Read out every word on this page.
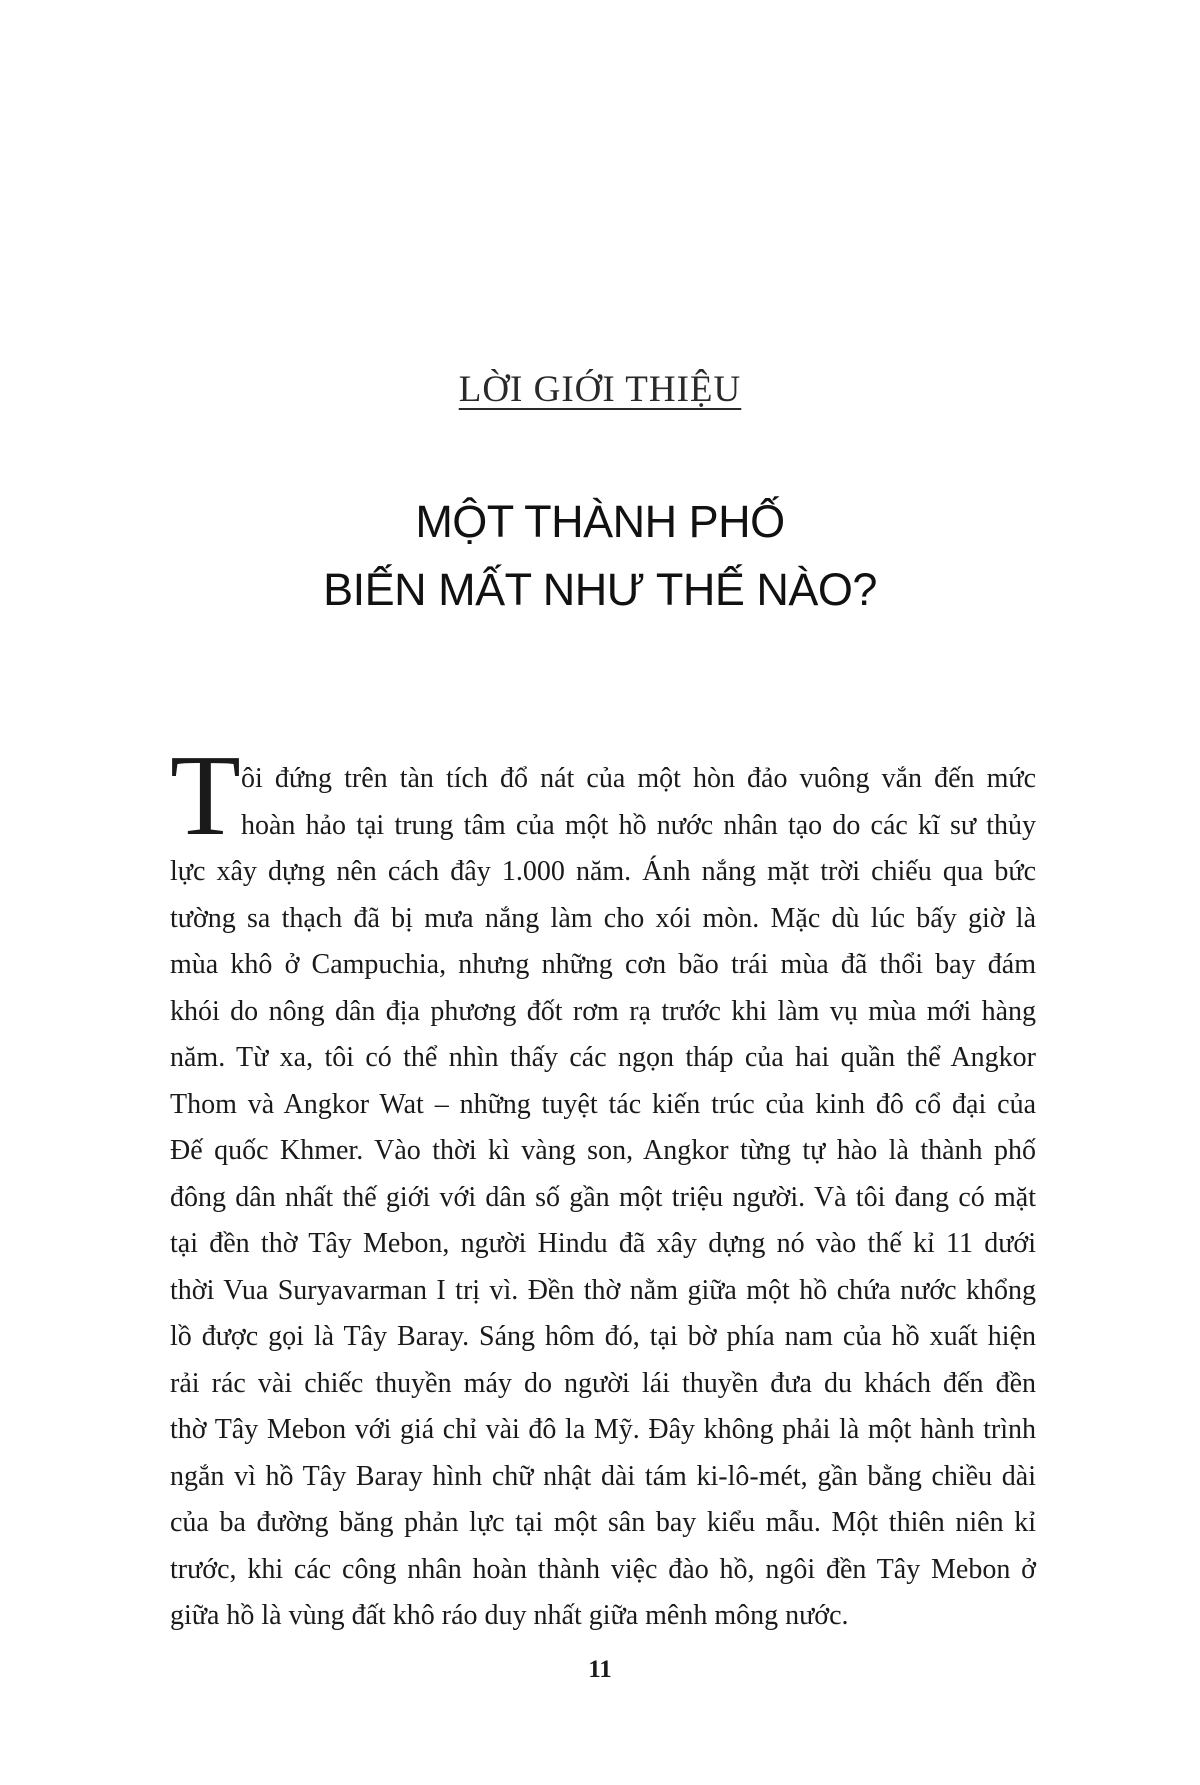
LỜI GIỚI THIỆU
MỘT THÀNH PHỐ
BIẾN MẤT NHƯ THẾ NÀO?
T ôi đứng trên tàn tích đổ nát của một hòn đảo vuông vắn đến mức
hoàn hảo tại trung tâm của một hồ nước nhân tạo do các kĩ sư thủy
lực xây dựng nên cách đây 1.000 năm. Ánh nắng mặt trời chiếu qua bức
tường sa thạch đã bị mưa nắng làm cho xói mòn. Mặc dù lúc bấy giờ là
mùa khô ở Campuchia, nhưng những cơn bão trái mùa đã thổi bay đám
khói do nông dân địa phương đốt rơm rạ trước khi làm vụ mùa mới hàng
năm. Từ xa, tôi có thể nhìn thấy các ngọn tháp của hai quần thể Angkor
Thom và Angkor Wat – những tuyệt tác kiến trúc của kinh đô cổ đại của
Đế quốc Khmer. Vào thời kì vàng son, Angkor từng tự hào là thành phố
đông dân nhất thế giới với dân số gần một triệu người. Và tôi đang có mặt
tại đền thờ Tây Mebon, người Hindu đã xây dựng nó vào thế kỉ 11 dưới
thời Vua Suryavarman I trị vì. Đền thờ nằm giữa một hồ chứa nước khổng
lồ được gọi là Tây Baray. Sáng hôm đó, tại bờ phía nam của hồ xuất hiện
rải rác vài chiếc thuyền máy do người lái thuyền đưa du khách đến đền
thờ Tây Mebon với giá chỉ vài đô la Mỹ. Đây không phải là một hành trình
ngắn vì hồ Tây Baray hình chữ nhật dài tám ki-lô-mét, gần bằng chiều dài
của ba đường băng phản lực tại một sân bay kiểu mẫu. Một thiên niên kỉ
trước, khi các công nhân hoàn thành việc đào hồ, ngôi đền Tây Mebon ở
giữa hồ là vùng đất khô ráo duy nhất giữa mênh mông nước.
11
